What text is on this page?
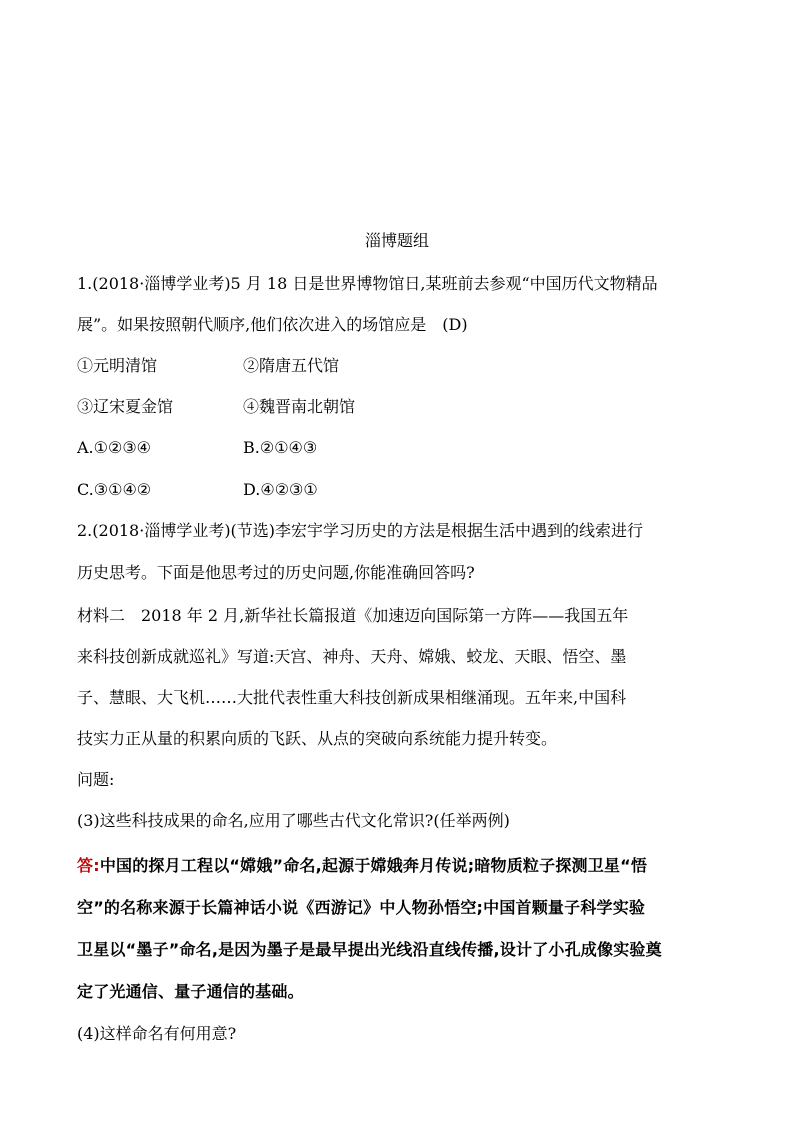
淄博题组
1.(2018·淄博学业考)5 月 18 日是世界博物馆日,某班前去参观“中国历代文物精品
展”。如果按照朝代顺序,他们依次进入的场馆应是　(D)
①元明清馆	②隋唐五代馆
③辽宋夏金馆	④魏晋南北朝馆
A.①②③④	B.②①④③
C.③①④②	D.④②③①
2.(2018·淄博学业考)(节选)李宏宇学习历史的方法是根据生活中遇到的线索进行
历史思考。下面是他思考过的历史问题,你能准确回答吗?
材料二　2018 年 2 月,新华社长篇报道《加速迈向国际第一方阵——我国五年
来科技创新成就巡礼》写道:天宫、神舟、天舟、嫦娥、蛟龙、天眼、悟空、墨
子、慧眼、大飞机……大批代表性重大科技创新成果相继涌现。五年来,中国科
技实力正从量的积累向质的飞跃、从点的突破向系统能力提升转变。
问题:
(3)这些科技成果的命名,应用了哪些古代文化常识?(任举两例)
答:中国的探月工程以“嫦娥”命名,起源于嫦娥奔月传说;暗物质粒子探测卫星“悟
空”的名称来源于长篇神话小说《西游记》中人物孙悟空;中国首颗量子科学实验
卫星以“墨子”命名,是因为墨子是最早提出光线沿直线传播,设计了小孔成像实验奠
定了光通信、量子通信的基础。
(4)这样命名有何用意?
